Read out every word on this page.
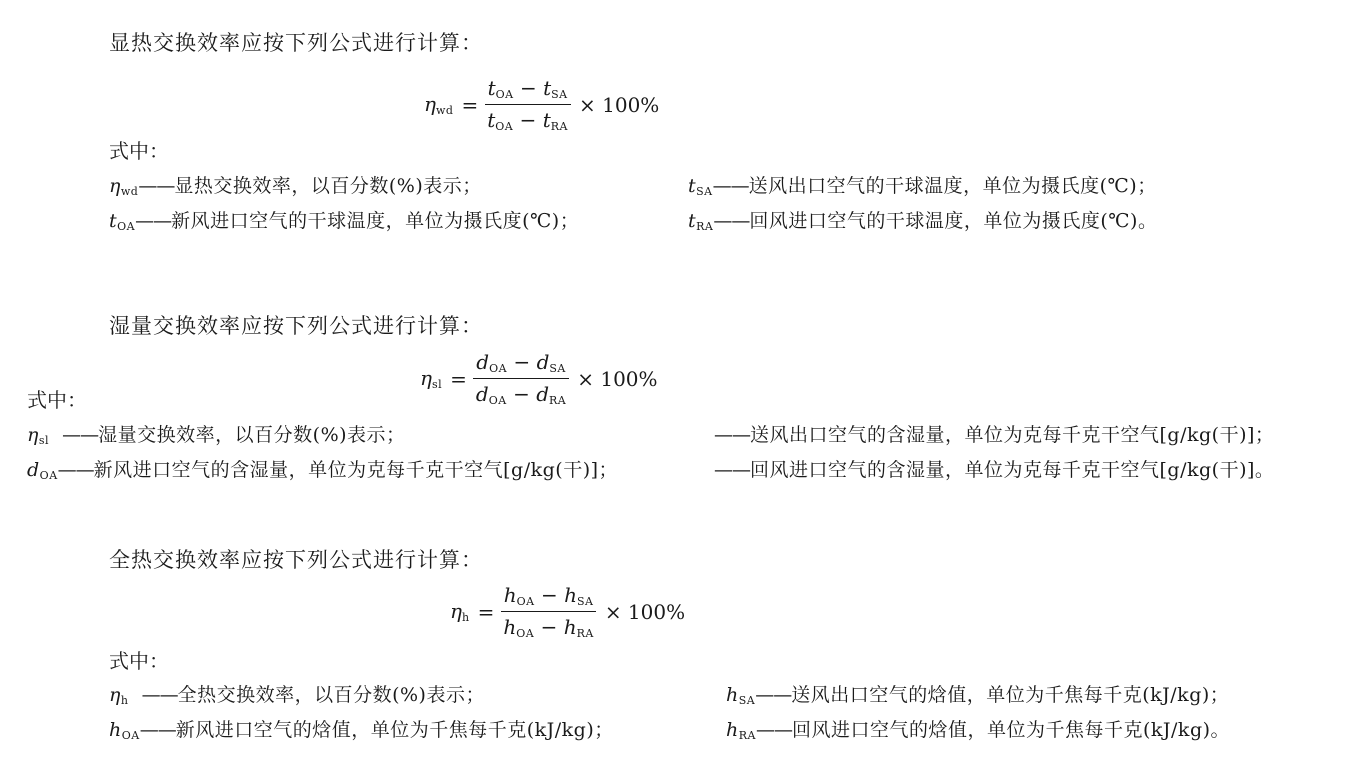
显热交换效率应按下列公式进行计算：
$\eta_{wd} = \frac{t_{OA} - t_{SA}}{t_{OA} - t_{RA}} \times 100\%$
式中：
$\eta_{wd}——$显热交换效率，以百分数(%)表示；	$t_{SA}——$送风出口空气的干球温度，单位为摄氏度(℃)；
$t_{OA}——$新风进口空气的干球温度，单位为摄氏度(℃)；	$t_{RA}——$回风进口空气的干球温度，单位为摄氏度(℃)。
湿量交换效率应按下列公式进行计算：
$\eta_{sl} = \frac{d_{OA} - d_{SA}}{d_{OA} - d_{RA}} \times 100\%$
式中：
$\eta_{sl}$ ——湿量交换效率，以百分数(%)表示；	——送风出口空气的含湿量，单位为克每千克干空气[g/kg(干)]；
$d_{OA}——$新风进口空气的含湿量，单位为克每千克干空气[g/kg(干)]；	——回风进口空气的含湿量，单位为克每千克干空气[g/kg(干)]。
全热交换效率应按下列公式进行计算：
$\eta_h = \frac{h_{OA} - h_{SA}}{h_{OA} - h_{RA}} \times 100\%$
式中：
$\eta_h$ ——全热交换效率，以百分数(%)表示；	$h_{SA}——$送风出口空气的焓值，单位为千焦每千克(kJ/kg)；
$h_{OA}——$新风进口空气的焓值，单位为千焦每千克(kJ/kg)；	$h_{RA}——$回风进口空气的焓值，单位为千焦每千克(kJ/kg)。
